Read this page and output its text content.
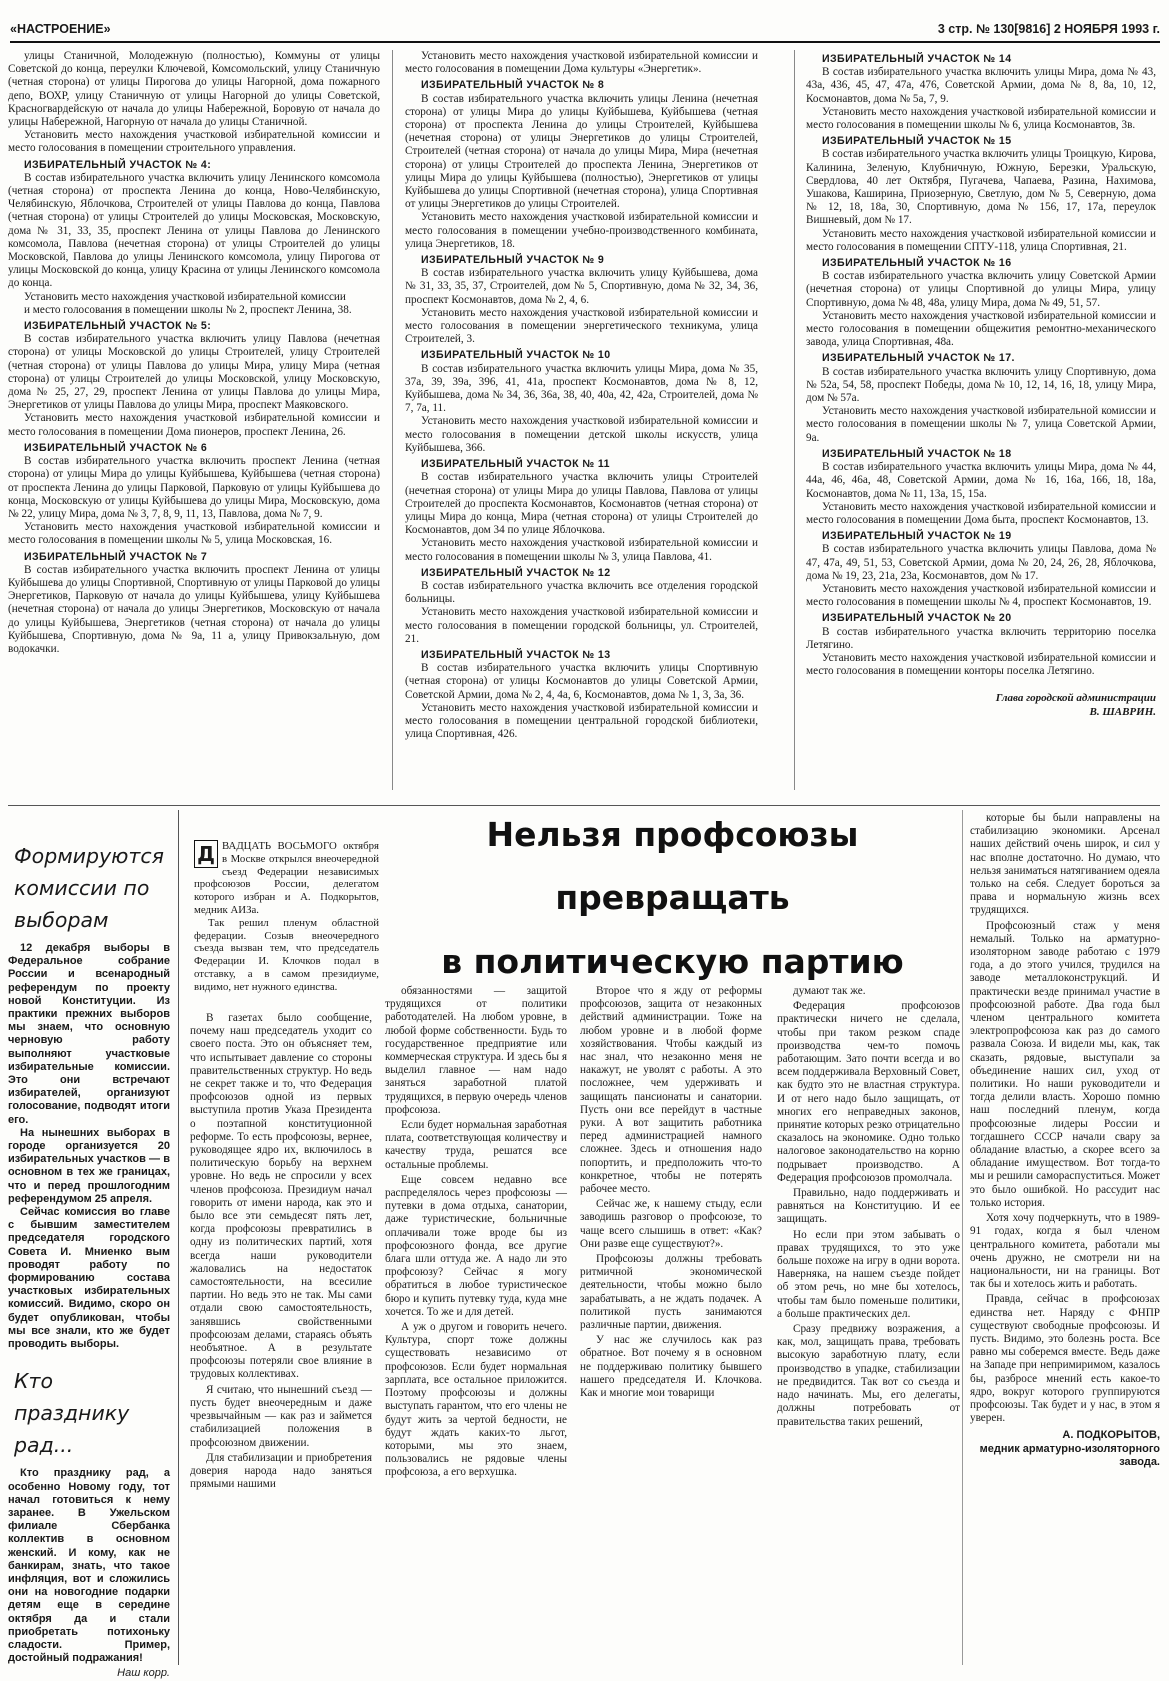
«НАСТРОЕНИЕ»	3 стр. № 130[9816] 2 НОЯБРЯ 1993 г.

улицы Станичной, Молодежную (полностью), Коммуны от улицы Советской до конца, переулки Ключевой, Комсомольский, улицу Станичную (четная сторона) от улицы Пирогова до улицы Нагорной, дома пожарного депо, ВОХР, улицу Станичную от улицы Нагорной до улицы Советской, Красногвардейскую от начала до улицы Набережной, Боровую от начала до улицы Набережной, Нагорную от начала до улицы Станичной.

Установить место нахождения участковой избирательной комиссии и место голосования в помещении строительного управления.

ИЗБИРАТЕЛЬНЫЙ УЧАСТОК № 4:

В состав избирательного участка включить улицу Ленинского комсомола (четная сторона) от проспекта Ленина до конца, Ново-Челябинскую, Челябинскую, Яблочкова, Строителей от улицы Павлова до конца, Павлова (четная сторона) от улицы Строителей до улицы Московская, Московскую, дома № 31, 33, 35, проспект Ленина от улицы Павлова до Ленинского комсомола, Павлова (нечетная сторона) от улицы Строителей до улицы Московской, Павлова до улицы Ленинского комсомола, улицу Пирогова от улицы Московской до конца, улицу Красина от улицы Ленинского комсомола до конца.

Установить место нахождения участковой избирательной комиссии

и место голосования в помещении школы № 2, проспект Ленина, 38.

ИЗБИРАТЕЛЬНЫЙ УЧАСТОК № 5:

В состав избирательного участка включить улицу Павлова (нечетная сторона) от улицы Московской до улицы Строителей, улицу Строителей (четная сторона) от улицы Павлова до улицы Мира, улицу Мира (четная сторона) от улицы Строителей до улицы Московской, улицу Московскую, дома № 25, 27, 29, проспект Ленина от улицы Павлова до улицы Мира, Энергетиков от улицы Павлова до улицы Мира, проспект Маяковского.

Установить место нахождения участковой избирательной комиссии и место голосования в помещении Дома пионеров, проспект Ленина, 26.

ИЗБИРАТЕЛЬНЫЙ УЧАСТОК № 6

В состав избирательного участка включить проспект Ленина (четная сторона) от улицы Мира до улицы Куйбышева, Куйбышева (четная сторона) от проспекта Ленина до улицы Парковой, Парковую от улицы Куйбышева до конца, Московскую от улицы Куйбышева до улицы Мира, Московскую, дома № 22, улицу Мира, дома № 3, 7, 8, 9, 11, 13, Павлова, дома № 7, 9.

Установить место нахождения участковой избирательной комиссии и место голосования в помещении школы № 5, улица Московская, 16.

ИЗБИРАТЕЛЬНЫЙ УЧАСТОК № 7

В состав избирательного участка включить проспект Ленина от улицы Куйбышева до улицы Спортивной, Спортивную от улицы Парковой до улицы Энергетиков, Парковую от начала до улицы Куйбышева, улицу Куйбышева (нечетная сторона) от начала до улицы Энергетиков, Московскую от начала до улицы Куйбышева, Энергетиков (четная сторона) от начала до улицы Куйбышева, Спортивную, дома № 9а, 11 а, улицу Привокзальную, дом водокачки.

Установить место нахождения участковой избирательной комиссии и место голосования в помещении Дома культуры «Энергетик».

ИЗБИРАТЕЛЬНЫЙ УЧАСТОК № 8

В состав избирательного участка включить улицы Ленина (нечетная сторона) от улицы Мира до улицы Куйбышева, Куйбышева (четная сторона) от проспекта Ленина до улицы Строителей, Куйбышева (нечетная сторона) от улицы Энергетиков до улицы Строителей, Строителей (четная сторона) от начала до улицы Мира, Мира (нечетная сторона) от улицы Строителей до проспекта Ленина, Энергетиков от улицы Мира до улицы Куйбышева (полностью), Энергетиков от улицы Куйбышева до улицы Спортивной (нечетная сторона), улица Спортивная от улицы Энергетиков до улицы Строителей.

Установить место нахождения участковой избирательной комиссии и место голосования в помещении учебно-производственного комбината, улица Энергетиков, 18.

ИЗБИРАТЕЛЬНЫЙ УЧАСТОК № 9

В состав избирательного участка включить улицу Куйбышева, дома № 31, 33, 35, 37, Строителей, дом № 5, Спортивную, дома № 32, 34, 36, проспект Космонавтов, дома № 2, 4, 6.

Установить место нахождения участковой избирательной комиссии и место голосования в помещении энергетического техникума, улица Строителей, 3.

ИЗБИРАТЕЛЬНЫЙ УЧАСТОК № 10

В состав избирательного участка включить улицы Мира, дома № 35, 37а, 39, 39а, 396, 41, 41а, проспект Космонавтов, дома № 8, 12, Куйбышева, дома № 34, 36, 36а, 38, 40, 40а, 42, 42а, Строителей, дома № 7, 7а, 11.

Установить место нахождения участковой избирательной комиссии и место голосования в помещении детской школы искусств, улица Куйбышева, 366.

ИЗБИРАТЕЛЬНЫЙ УЧАСТОК № 11

В состав избирательного участка включить улицы Строителей (нечетная сторона) от улицы Мира до улицы Павлова, Павлова от улицы Строителей до проспекта Космонавтов, Космонавтов (четная сторона) от улицы Мира до конца, Мира (четная сторона) от улицы Строителей до Космонавтов, дом 34 по улице Яблочкова.

Установить место нахождения участковой избирательной комиссии и место голосования в помещении школы № 3, улица Павлова, 41.

ИЗБИРАТЕЛЬНЫЙ УЧАСТОК № 12

В состав избирательного участка включить все отделения городской больницы.

Установить место нахождения участковой избирательной комиссии и место голосования в помещении городской больницы, ул. Строителей, 21.

ИЗБИРАТЕЛЬНЫЙ УЧАСТОК № 13

В состав избирательного участка включить улицы Спортивную (четная сторона) от улицы Космонавтов до улицы Советской Армии, Советской Армии, дома № 2, 4, 4а, 6, Космонавтов, дома № 1, 3, 3а, 36.

Установить место нахождения участковой избирательной комиссии и место голосования в помещении центральной городской библиотеки, улица Спортивная, 426.

ИЗБИРАТЕЛЬНЫЙ УЧАСТОК № 14

В состав избирательного участка включить улицы Мира, дома № 43, 43а, 436, 45, 47, 47а, 476, Советской Армии, дома № 8, 8а, 10, 12, Космонавтов, дома № 5а, 7, 9.

Установить место нахождения участковой избирательной комиссии и место голосования в помещении школы № 6, улица Космонавтов, 3в.

ИЗБИРАТЕЛЬНЫЙ УЧАСТОК № 15

В состав избирательного участка включить улицы Троицкую, Кирова, Калинина, Зеленую, Клубничную, Южную, Березки, Уральскую, Свердлова, 40 лет Октября, Пугачева, Чапаева, Разина, Нахимова, Ушакова, Каширина, Приозерную, Светлую, дом № 5, Северную, дома № 12, 18, 18а, 30, Спортивную, дома № 156, 17, 17а, переулок Вишневый, дом № 17.

Установить место нахождения участковой избирательной комиссии и место голосования в помещении СПТУ-118, улица Спортивная, 21.

ИЗБИРАТЕЛЬНЫЙ УЧАСТОК № 16

В состав избирательного участка включить улицу Советской Армии (нечетная сторона) от улицы Спортивной до улицы Мира, улицу Спортивную, дома № 48, 48а, улицу Мира, дома № 49, 51, 57.

Установить место нахождения участковой избирательной комиссии и место голосования в помещении общежития ремонтно-механического завода, улица Спортивная, 48а.

ИЗБИРАТЕЛЬНЫЙ УЧАСТОК № 17.

В состав избирательного участка включить улицу Спортивную, дома № 52а, 54, 58, проспект Победы, дома № 10, 12, 14, 16, 18, улицу Мира, дом № 57а.

Установить место нахождения участковой избирательной комиссии и место голосования в помещении школы № 7, улица Советской Армии, 9а.

ИЗБИРАТЕЛЬНЫЙ УЧАСТОК № 18

В состав избирательного участка включить улицы Мира, дома № 44, 44а, 46, 46а, 48, Советской Армии, дома № 16, 16а, 166, 18, 18а, Космонавтов, дома № 11, 13а, 15, 15а.

Установить место нахождения участковой избирательной комиссии и место голосования в помещении Дома быта, проспект Космонавтов, 13.

ИЗБИРАТЕЛЬНЫЙ УЧАСТОК № 19

В состав избирательного участка включить улицы Павлова, дома № 47, 47а, 49, 51, 53, Советской Армии, дома № 20, 24, 26, 28, Яблочкова, дома № 19, 23, 21а, 23а, Космонавтов, дом № 17.

Установить место нахождения участковой избирательной комиссии и место голосования в помещении школы № 4, проспект Космонавтов, 19.

ИЗБИРАТЕЛЬНЫЙ УЧАСТОК № 20

В состав избирательного участка включить территорию поселка Летягино.

Установить место нахождения участковой избирательной комиссии и место голосования в помещении конторы поселка Летягино.

Глава городской администрации
В. ШАВРИН.
Формируются комиссии по выборам

12 декабря выборы в Федеральное собрание России и всенародный референдум по проекту новой Конституции. Из практики прежних выборов мы знаем, что основную черновую работу выполняют участковые избирательные комиссии. Это они встречают избирателей, организуют голосование, подводят итоги его.

На нынешних выборах в городе организуется 20 избирательных участков — в основном в тех же границах, что и перед прошлогодним референдумом 25 апреля.

Сейчас комиссия во главе с бывшим заместителем председателя городского Совета И. Мниенко вым проводят работу по формированию состава участковых избирательных комиссий. Видимо, скоро он будет опубликован, чтобы мы все знали, кто же будет проводить выборы.

Кто празднику рад...

Кто празднику рад, а особенно Новому году, тот начал готовиться к нему заранее. В Ужельском филиале Сбербанка коллектив в основном женский. И кому, как не банкирам, знать, что такое инфляция, вот и сложились они на новогодние подарки детям еще в середине октября да и стали приобретать потихоньку сладости. Пример, достойный подражания!

Наш корр.

Нельзя профсоюзы
превращать
в политическую партию
Д ВАДЦАТЬ ВОСЬМОГО октября в Москве открылся внеочередной съезд Федерации независимых профсоюзов России, делегатом которого избран и А. Подкорытов, медник АИЗа.

Так решил пленум областной федерации. Созыв внеочередного съезда вызван тем, что председатель Федерации И. Клочков подал в отставку, а в самом президиуме, видимо, нет нужного единства.

В газетах было сообщение, почему наш председатель уходит со своего поста. Это он объясняет тем, что испытывает давление со стороны правительственных структур. Но ведь не секрет также и то, что Федерация профсоюзов одной из первых выступила против Указа Президента о поэтапной конституционной реформе. То есть профсоюзы, вернее, руководящее ядро их, включилось в политическую борьбу на верхнем уровне. Но ведь не спросили у всех членов профсоюза. Президиум начал говорить от имени народа, как это и было все эти семьдесят пять лет, когда профсоюзы превратились в одну из политических партий, хотя всегда наши руководители жаловались на недостаток самостоятельности, на всесилие партии. Но ведь это не так. Мы сами отдали свою самостоятельность, занявшись свойственными профсоюзам делами, стараясь объять необъятное. А в результате профсоюзы потеряли свое влияние в трудовых коллективах.

Я считаю, что нынешний съезд — пусть будет внеочередным и даже чрезвычайным — как раз и займется стабилизацией положения в профсоюзном движении.

Для стабилизации и приобретения доверия народа надо заняться прямыми нашими

обязанностями — защитой трудящихся от политики работодателей. На любом уровне, в любой форме собственности. Будь то государственное предприятие или коммерческая структура. И здесь бы я выделил главное — нам надо заняться заработной платой трудящихся, в первую очередь членов профсоюза.

Если будет нормальная заработная плата, соответствующая количеству и качеству труда, решатся все остальные проблемы.

Еще совсем недавно все распределялось через профсоюзы — путевки в дома отдыха, санатории, даже туристические, больничные оплачивали тоже вроде бы из профсоюзного фонда, все другие блага шли оттуда же. А надо ли это профсоюзу? Сейчас я могу обратиться в любое туристическое бюро и купить путевку туда, куда мне хочется. То же и для детей.

А уж о другом и говорить нечего. Культура, спорт тоже должны существовать независимо от профсоюзов. Если будет нормальная зарплата, все остальное приложится. Поэтому профсоюзы и должны выступать гарантом, что его члены не будут жить за чертой бедности, не будут ждать каких-то льгот, которыми, мы это знаем, пользовались не рядовые члены профсоюза, а его верхушка.

Второе что я жду от реформы профсоюзов, защита от незаконных действий администрации. Тоже на любом уровне и в любой форме хозяйствования. Чтобы каждый из нас знал, что незаконно меня не накажут, не уволят с работы. А это посложнее, чем удерживать и защищать пансионаты и санатории. Пусть они все перейдут в частные руки. А вот защитить работника перед администрацией намного сложнее. Здесь и отношения надо попортить, и предположить что-то конкретное, чтобы не потерять рабочее место.

Сейчас же, к нашему стыду, если заводишь разговор о профсоюзе, то чаще всего слышишь в ответ: «Как? Они разве еще существуют?».

Профсоюзы должны требовать ритмичной экономической деятельности, чтобы можно было зарабатывать, а не ждать подачек. А политикой пусть занимаются различные партии, движения.

У нас же случилось как раз обратное. Вот почему я в основном не поддерживаю политику бывшего нашего председателя И. Клочкова. Как и многие мои товарищи

думают так же.

Федерация профсоюзов практически ничего не сделала, чтобы при таком резком спаде производства чем-то помочь работающим. Зато почти всегда и во всем поддерживала Верховный Совет, как будто это не властная структура. И от него надо было защищать, от многих его неправедных законов, принятие которых резко отрицательно сказалось на экономике. Одно только налоговое законодательство на корню подрывает производство. А Федерация профсоюзов промолчала.

Правильно, надо поддерживать и равняться на Конституцию. И ее защищать.

Но если при этом забывать о правах трудящихся, то это уже больше похоже на игру в одни ворота. Наверняка, на нашем съезде пойдет об этом речь, но мне бы хотелось, чтобы там было поменьше политики, а больше практических дел.

Сразу предвижу возражения, а как, мол, защищать права, требовать высокую заработную плату, если производство в упадке, стабилизации не предвидится. Так вот со съезда и надо начинать. Мы, его делегаты, должны потребовать от правительства таких решений,

которые бы были направлены на стабилизацию экономики. Арсенал наших действий очень широк, и сил у нас вполне достаточно. Но думаю, что нельзя заниматься натягиванием одеяла только на себя. Следует бороться за права и нормальную жизнь всех трудящихся.

Профсоюзный стаж у меня немалый. Только на арматурно-изоляторном заводе работаю с 1979 года, а до этого учился, трудился на заводе металлоконструкций. И практически везде принимал участие в профсоюзной работе. Два года был членом центрального комитета электропрофсоюза как раз до самого развала Союза. И видели мы, как, так сказать, рядовые, выступали за объединение наших сил, уход от политики. Но наши руководители и тогда делили власть. Хорошо помню наш последний пленум, когда профсоюзные лидеры России и тогдашнего СССР начали свару за обладание властью, а скорее всего за обладание имуществом. Вот тогда-то мы и решили самораспуститься. Может это было ошибкой. Но рассудит нас только история.

Хотя хочу подчеркнуть, что в 1989-91 годах, когда я был членом центрального комитета, работали мы очень дружно, не смотрели ни на национальности, ни на границы. Вот так бы и хотелось жить и работать.

Правда, сейчас в профсоюзах единства нет. Наряду с ФНПР существуют свободные профсоюзы. И пусть. Видимо, это болезнь роста. Все равно мы соберемся вместе. Ведь даже на Западе при непримиримом, казалось бы, разбросе мнений есть какое-то ядро, вокруг которого группируются профсоюзы. Так будет и у нас, в этом я уверен.

А. ПОДКОРЫТОВ,
медник арматурно-изоляторного завода.
